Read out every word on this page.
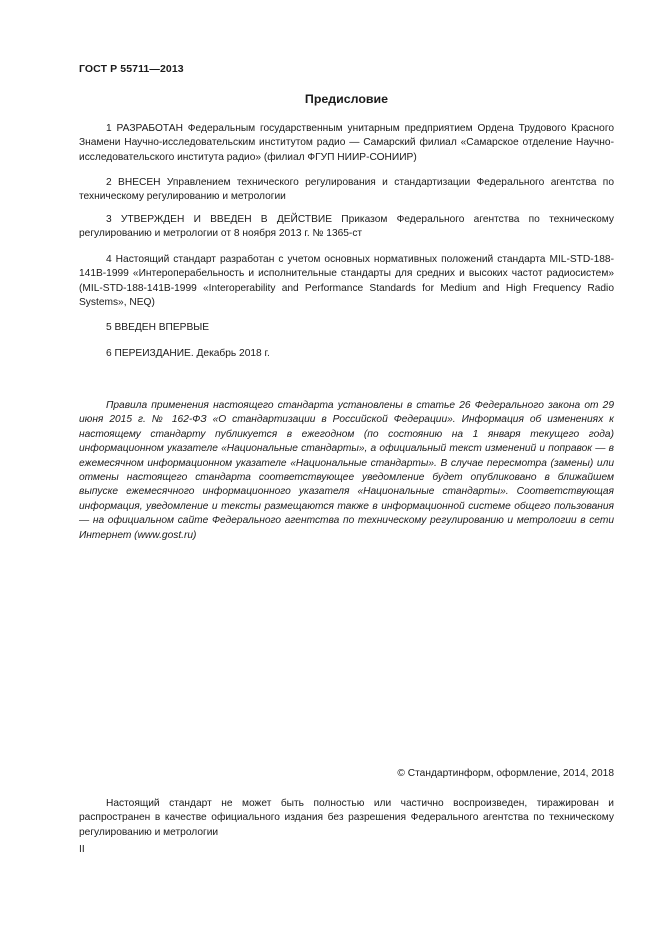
ГОСТ Р 55711—2013
Предисловие

1 РАЗРАБОТАН Федеральным государственным унитарным предприятием Ордена Трудового Красного Знамени Научно-исследовательским институтом радио — Самарский филиал «Самарское отделение Научно-исследовательского института радио» (филиал ФГУП НИИР-СОНИИР)

2 ВНЕСЕН Управлением технического регулирования и стандартизации Федерального агентства по техническому регулированию и метрологии

3 УТВЕРЖДЕН И ВВЕДЕН В ДЕЙСТВИЕ Приказом Федерального агентства по техническому регулированию и метрологии от 8 ноября 2013 г. № 1365-ст

4 Настоящий стандарт разработан с учетом основных нормативных положений стандарта MIL-STD-188-141B-1999 «Интероперабельность и исполнительные стандарты для средних и высоких частот радиосистем» (MIL-STD-188-141B-1999 «Interoperability and Performance Standards for Medium and High Frequency Radio Systems», NEQ)

5 ВВЕДЕН ВПЕРВЫЕ

6 ПЕРЕИЗДАНИЕ. Декабрь 2018 г.

Правила применения настоящего стандарта установлены в статье 26 Федерального закона от 29 июня 2015 г. № 162-ФЗ «О стандартизации в Российской Федерации». Информация об изменениях к настоящему стандарту публикуется в ежегодном (по состоянию на 1 января текущего года) информационном указателе «Национальные стандарты», а официальный текст изменений и поправок — в ежемесячном информационном указателе «Национальные стандарты». В случае пересмотра (замены) или отмены настоящего стандарта соответствующее уведомление будет опубликовано в ближайшем выпуске ежемесячного информационного указателя «Национальные стандарты». Соответствующая информация, уведомление и тексты размещаются также в информационной системе общего пользования — на официальном сайте Федерального агентства по техническому регулированию и метрологии в сети Интернет (www.gost.ru)

© Стандартинформ, оформление, 2014, 2018

Настоящий стандарт не может быть полностью или частично воспроизведен, тиражирован и распространен в качестве официального издания без разрешения Федерального агентства по техническому регулированию и метрологии

II
